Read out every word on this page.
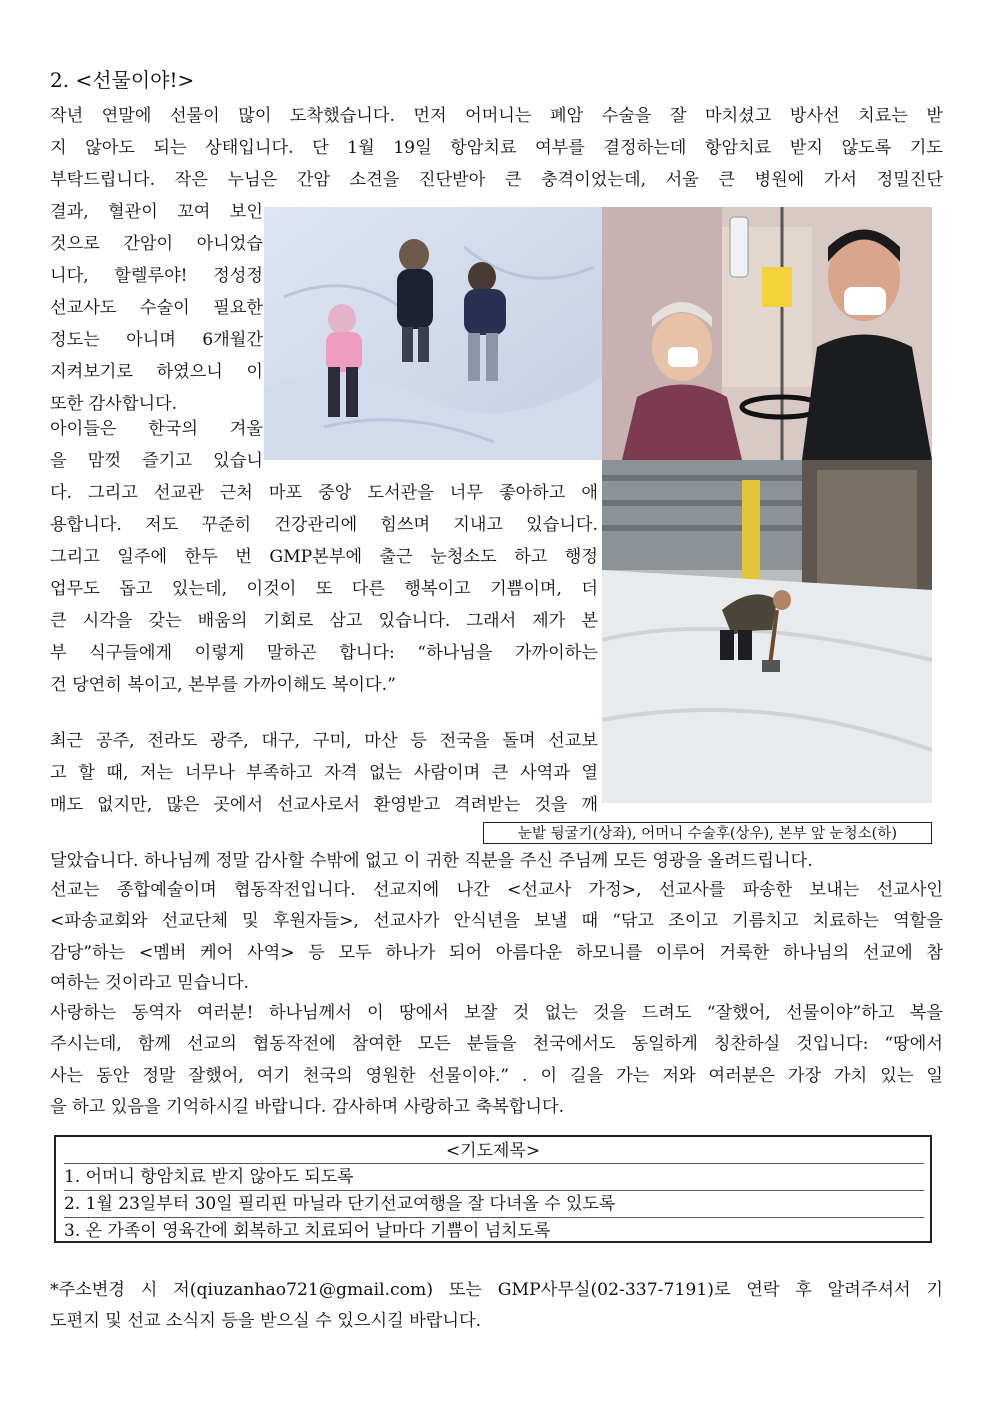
2. <선물이야!>
작년 연말에 선물이 많이 도착했습니다. 먼저 어머니는 폐암 수술을 잘 마치셨고 방사선 치료는 받
지 않아도 되는 상태입니다. 단 1월 19일 항암치료 여부를 결정하는데 항암치료 받지 않도록 기도
부탁드립니다. 작은 누님은 간암 소견을 진단받아 큰 충격이었는데, 서울 큰 병원에 가서 정밀진단
결과, 혈관이 꼬여 보인
것으로 간암이 아니었습
니다, 할렐루야! 정성정
선교사도 수술이 필요한
정도는 아니며 6개월간
지켜보기로 하였으니 이
또한 감사합니다.
아이들은 한국의 겨울
을 맘껏 즐기고 있습니
다. 그리고 선교관 근처 마포 중앙 도서관을 너무 좋아하고 애
용합니다. 저도 꾸준히 건강관리에 힘쓰며 지내고 있습니다.
그리고 일주에 한두 번 GMP본부에 출근 눈청소도 하고 행정
업무도 돕고 있는데, 이것이 또 다른 행복이고 기쁨이며, 더
큰 시각을 갖는 배움의 기회로 삼고 있습니다. 그래서 제가 본
부 식구들에게 이렇게 말하곤 합니다: “하나님을 가까이하는
건 당연히 복이고, 본부를 가까이해도 복이다.”
최근 공주, 전라도 광주, 대구, 구미, 마산 등 전국을 돌며 선교보
고 할 때, 저는 너무나 부족하고 자격 없는 사람이며 큰 사역과 열
매도 없지만, 많은 곳에서 선교사로서 환영받고 격려받는 것을 깨
달았습니다. 하나님께 정말 감사할 수밖에 없고 이 귀한 직분을 주신 주님께 모든 영광을 올려드립니다.
눈밭 뒹굴기(상좌), 어머니 수술후(상우), 본부 앞 눈청소(하)
선교는 종합예술이며 협동작전입니다. 선교지에 나간 <선교사 가정>, 선교사를 파송한 보내는 선교사인
<파송교회와 선교단체 및 후원자들>, 선교사가 안식년을 보낼 때 “닦고 조이고 기름치고 치료하는 역할을
감당”하는 <멤버 케어 사역> 등 모두 하나가 되어 아름다운 하모니를 이루어 거룩한 하나님의 선교에 참
여하는 것이라고 믿습니다.
사랑하는 동역자 여러분! 하나님께서 이 땅에서 보잘 것 없는 것을 드려도 “잘했어, 선물이야”하고 복을
주시는데, 함께 선교의 협동작전에 참여한 모든 분들을 천국에서도 동일하게 칭찬하실 것입니다: “땅에서
사는 동안 정말 잘했어, 여기 천국의 영원한 선물이야.” . 이 길을 가는 저와 여러분은 가장 가치 있는 일
을 하고 있음을 기억하시길 바랍니다. 감사하며 사랑하고 축복합니다.
<기도제목>
1. 어머니 항암치료 받지 않아도 되도록
2. 1월 23일부터 30일 필리핀 마닐라 단기선교여행을 잘 다녀올 수 있도록
3. 온 가족이 영육간에 회복하고 치료되어 날마다 기쁨이 넘치도록
*주소변경 시 저(qiuzanhao721@gmail.com) 또는 GMP사무실(02-337-7191)로 연락 후 알려주셔서 기
도편지 및 선교 소식지 등을 받으실 수 있으시길 바랍니다.
